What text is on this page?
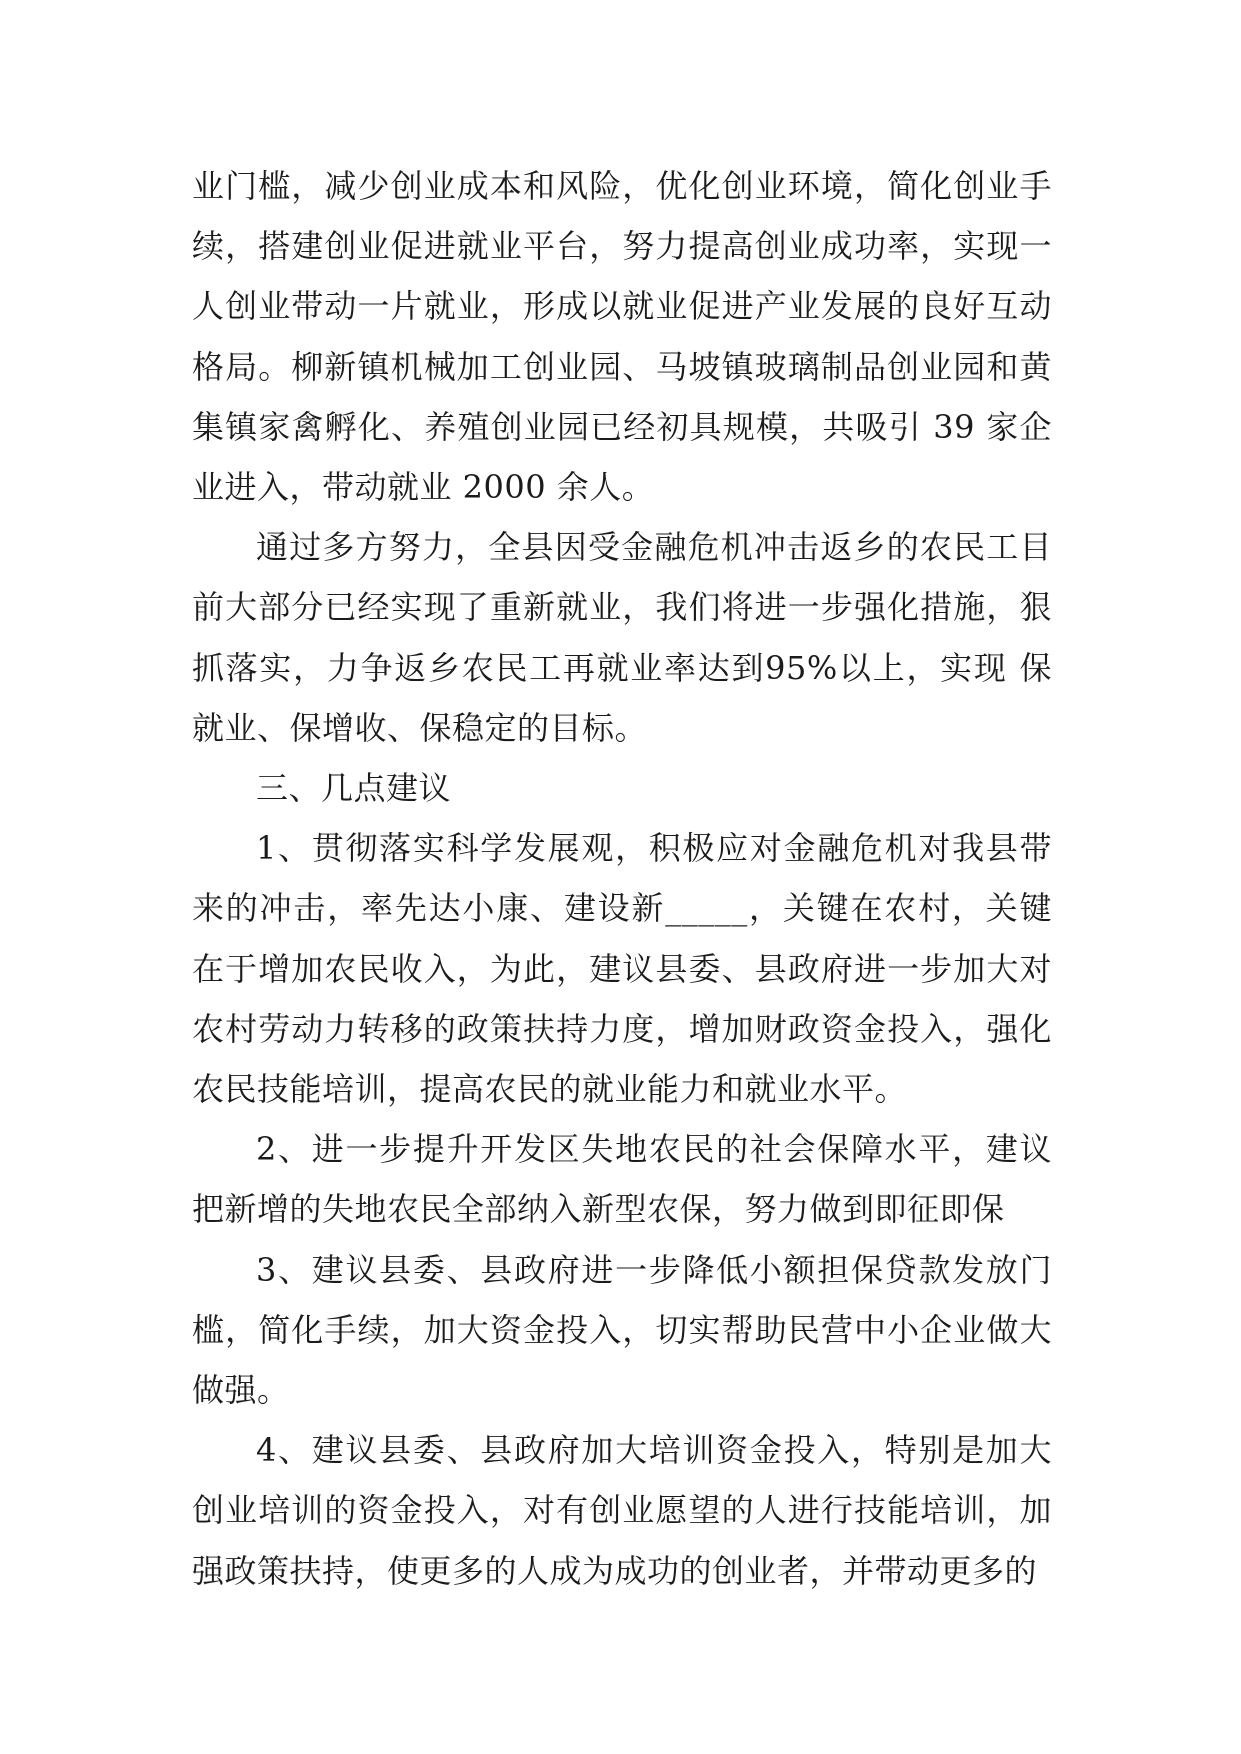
业门槛，减少创业成本和风险，优化创业环境，简化创业手续，搭建创业促进就业平台，努力提高创业成功率，实现一人创业带动一片就业，形成以就业促进产业发展的良好互动格局。柳新镇机械加工创业园、马坡镇玻璃制品创业园和黄集镇家禽孵化、养殖创业园已经初具规模，共吸引 39 家企业进入，带动就业 2000 余人。

通过多方努力，全县因受金融危机冲击返乡的农民工目前大部分已经实现了重新就业，我们将进一步强化措施，狠抓落实，力争返乡农民工再就业率达到95%以上，实现 保就业、保增收、保稳定的目标。

三、几点建议

1、贯彻落实科学发展观，积极应对金融危机对我县带来的冲击，率先达小康、建设新_____，关键在农村，关键在于增加农民收入，为此，建议县委、县政府进一步加大对农村劳动力转移的政策扶持力度，增加财政资金投入，强化农民技能培训，提高农民的就业能力和就业水平。

2、进一步提升开发区失地农民的社会保障水平，建议把新增的失地农民全部纳入新型农保，努力做到即征即保

3、建议县委、县政府进一步降低小额担保贷款发放门槛，简化手续，加大资金投入，切实帮助民营中小企业做大做强。

4、建议县委、县政府加大培训资金投入，特别是加大创业培训的资金投入，对有创业愿望的人进行技能培训，加强政策扶持，使更多的人成为成功的创业者，并带动更多的
